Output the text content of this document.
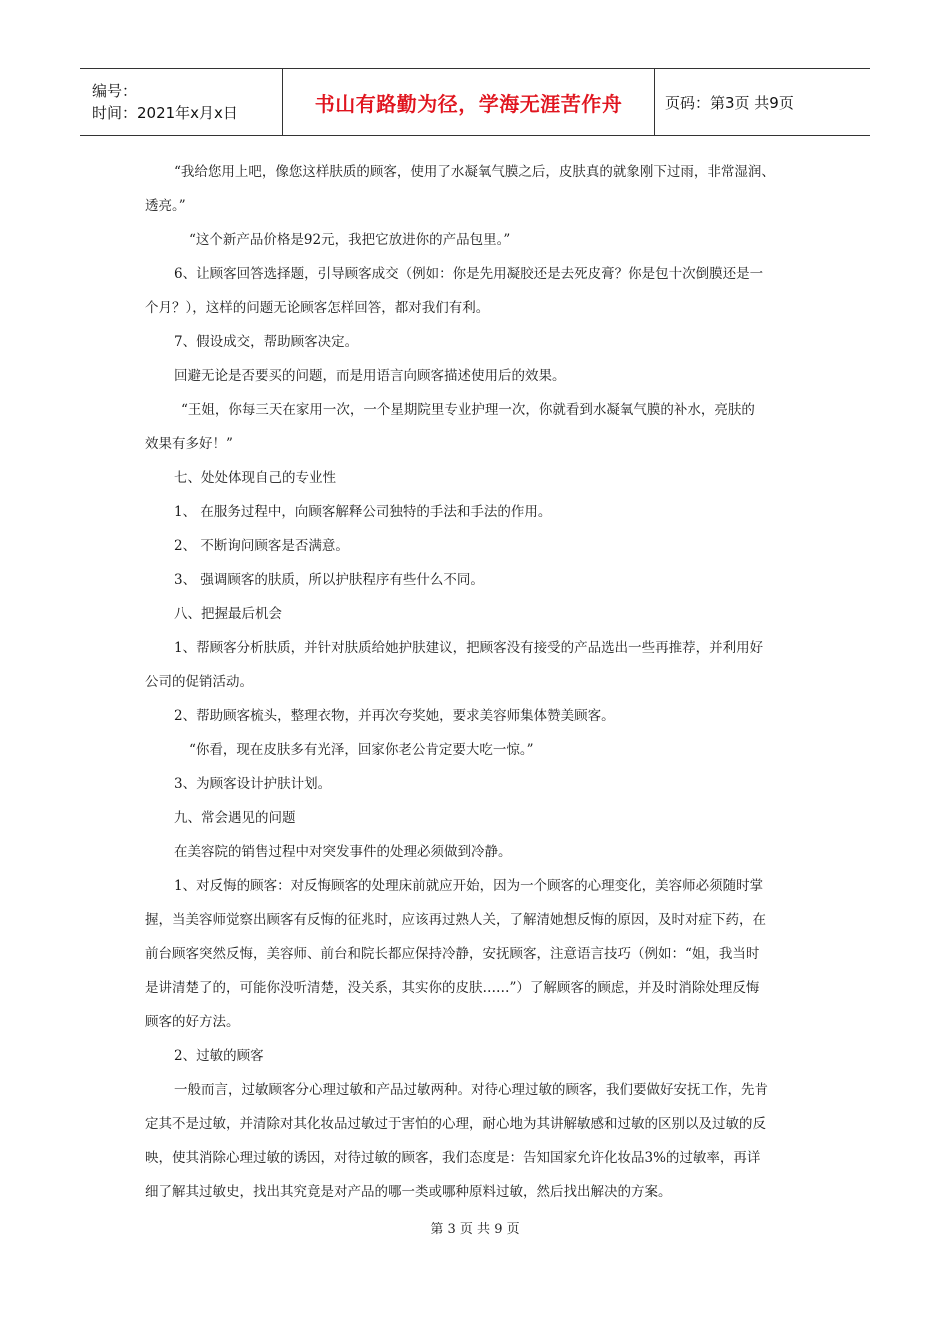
编号：
时间：2021年x月x日	书山有路勤为径，学海无涯苦作舟	页码：第3页 共9页

“我给您用上吧，像您这样肤质的顾客，使用了水凝氧气膜之后，皮肤真的就象刚下过雨，非常湿润、

透亮。”

“这个新产品价格是92元，我把它放进你的产品包里。”

6、让顾客回答选择题，引导顾客成交（例如：你是先用凝胶还是去死皮膏？你是包十次倒膜还是一

个月？），这样的问题无论顾客怎样回答，都对我们有利。

7、假设成交，帮助顾客决定。

回避无论是否要买的问题，而是用语言向顾客描述使用后的效果。

“王姐，你每三天在家用一次，一个星期院里专业护理一次，你就看到水凝氧气膜的补水，亮肤的

效果有多好！”

七、处处体现自己的专业性

1、 在服务过程中，向顾客解释公司独特的手法和手法的作用。

2、 不断询问顾客是否满意。

3、 强调顾客的肤质，所以护肤程序有些什么不同。

八、把握最后机会

1、帮顾客分析肤质，并针对肤质给她护肤建议，把顾客没有接受的产品选出一些再推荐，并利用好

公司的促销活动。

2、帮助顾客梳头，整理衣物，并再次夸奖她，要求美容师集体赞美顾客。

“你看，现在皮肤多有光泽，回家你老公肯定要大吃一惊。”

3、为顾客设计护肤计划。

九、常会遇见的问题

在美容院的销售过程中对突发事件的处理必须做到冷静。

1、对反悔的顾客：对反悔顾客的处理床前就应开始，因为一个顾客的心理变化，美容师必须随时掌

握，当美容师觉察出顾客有反悔的征兆时，应该再过熟人关，了解清她想反悔的原因，及时对症下药，在

前台顾客突然反悔，美容师、前台和院长都应保持冷静，安抚顾客，注意语言技巧（例如：“姐，我当时

是讲清楚了的，可能你没听清楚，没关系，其实你的皮肤……”）了解顾客的顾虑，并及时消除处理反悔

顾客的好方法。

2、过敏的顾客

一般而言，过敏顾客分心理过敏和产品过敏两种。对待心理过敏的顾客，我们要做好安抚工作，先肯

定其不是过敏，并清除对其化妆品过敏过于害怕的心理，耐心地为其讲解敏感和过敏的区别以及过敏的反

映，使其消除心理过敏的诱因，对待过敏的顾客，我们态度是：告知国家允许化妆品3%的过敏率，再详

细了解其过敏史，找出其究竟是对产品的哪一类或哪种原料过敏，然后找出解决的方案。

第 3 页 共 9 页
